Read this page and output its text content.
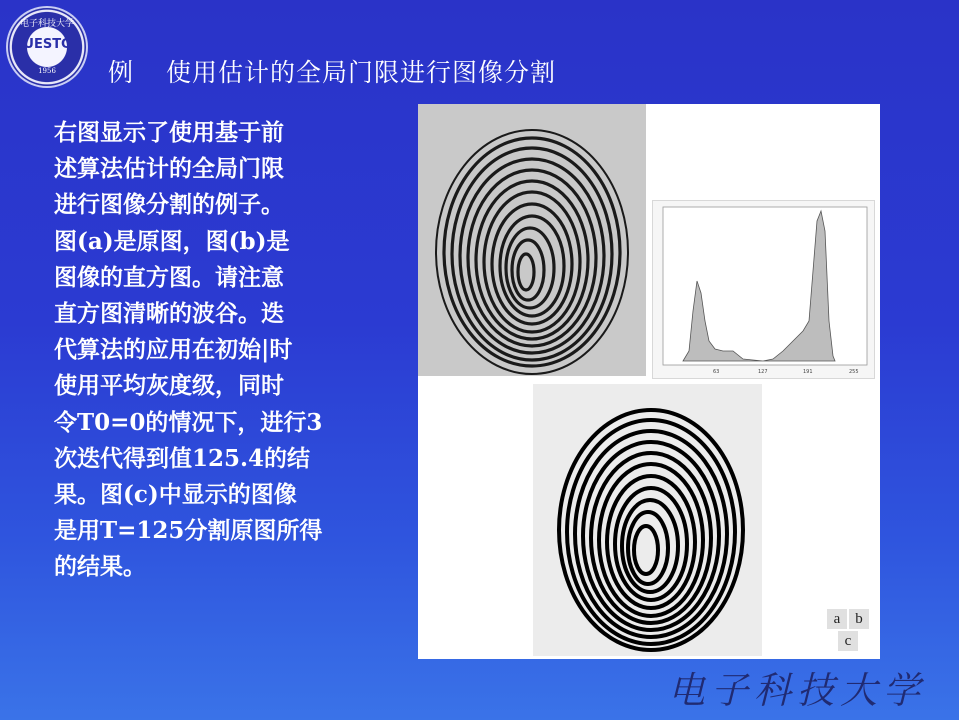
电子科技大学
UESTC
1956	例 使用估计的全局门限进行图像分割
右图显示了使用基于前
述算法估计的全局门限
进行图像分割的例子。
图(a)是原图，图(b)是
图像的直方图。请注意
直方图清晰的波谷。迭
代算法的应用在初始|时
使用平均灰度级，同时
令T0=0的情况下，进行3
次迭代得到值125.4的结
果。图(c)中显示的图像
是用T=125分割原图所得
的结果。
63	127	191	255
a b
c
电子科技大学
